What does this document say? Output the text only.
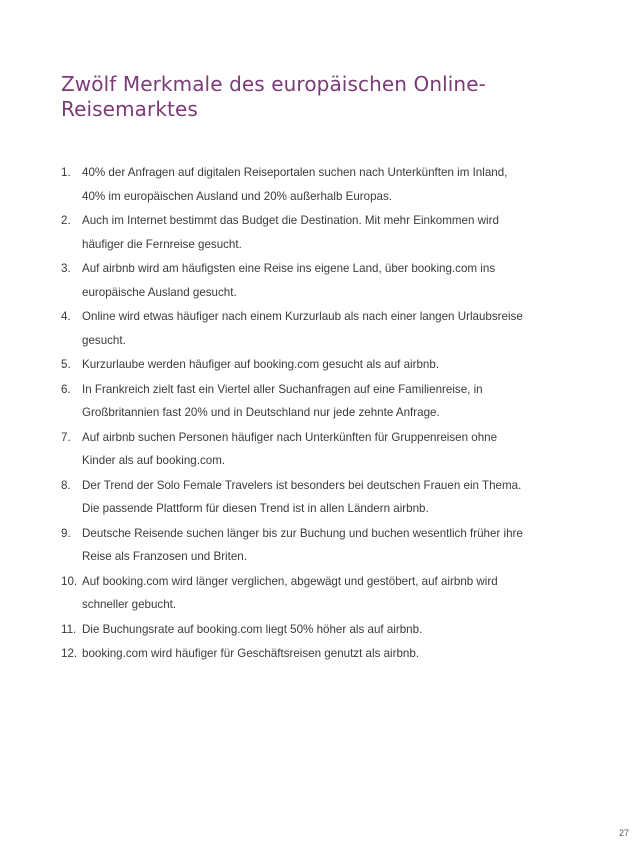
Zwölf Merkmale des europäischen Online-Reisemarktes
1. 40% der Anfragen auf digitalen Reiseportalen suchen nach Unterkünften im Inland, 40% im europäischen Ausland und 20% außerhalb Europas.
2. Auch im Internet bestimmt das Budget die Destination. Mit mehr Einkommen wird häufiger die Fernreise gesucht.
3. Auf airbnb wird am häufigsten eine Reise ins eigene Land, über booking.com ins europäische Ausland gesucht.
4. Online wird etwas häufiger nach einem Kurzurlaub als nach einer langen Urlaubsreise gesucht.
5. Kurzurlaube werden häufiger auf booking.com gesucht als auf airbnb.
6. In Frankreich zielt fast ein Viertel aller Suchanfragen auf eine Familienreise, in Großbritannien fast 20% und in Deutschland nur jede zehnte Anfrage.
7. Auf airbnb suchen Personen häufiger nach Unterkünften für Gruppenreisen ohne Kinder als auf booking.com.
8. Der Trend der Solo Female Travelers ist besonders bei deutschen Frauen ein Thema. Die passende Plattform für diesen Trend ist in allen Ländern airbnb.
9. Deutsche Reisende suchen länger bis zur Buchung und buchen wesentlich früher ihre Reise als Franzosen und Briten.
10. Auf booking.com wird länger verglichen, abgewägt und gestöbert, auf airbnb wird schneller gebucht.
11. Die Buchungsrate auf booking.com liegt 50% höher als auf airbnb.
12. booking.com wird häufiger für Geschäftsreisen genutzt als airbnb.
27
